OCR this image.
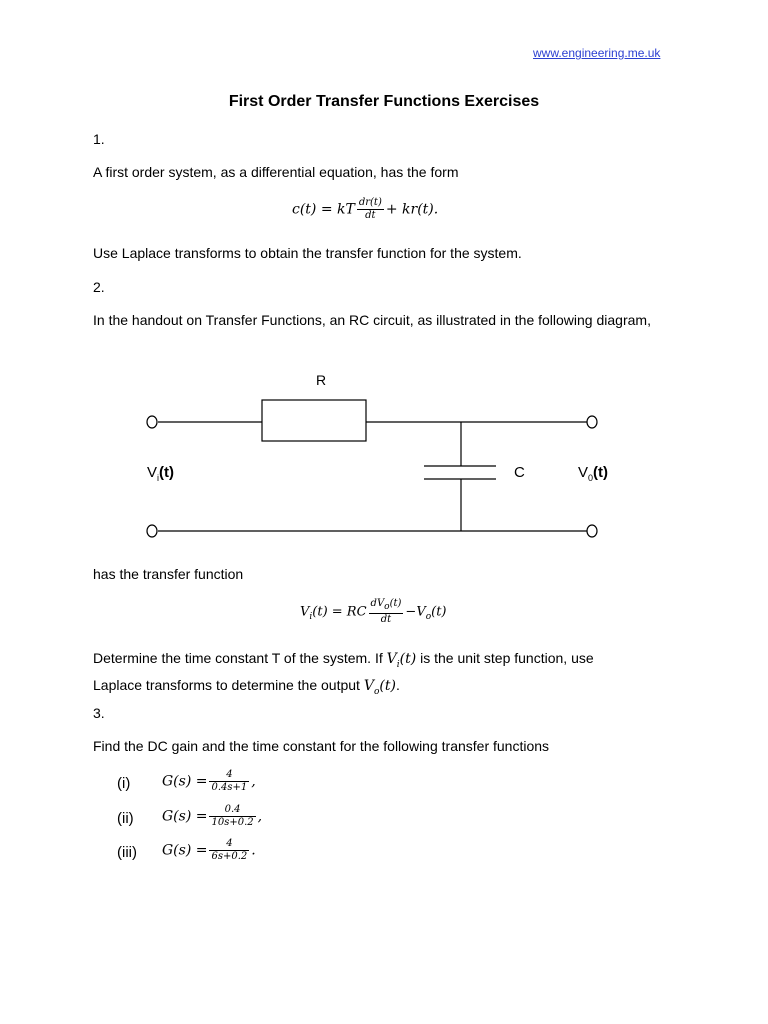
www.engineering.me.uk
First Order Transfer Functions Exercises
1.
A first order system, as a differential equation, has the form
c(t) = kT $\frac{dr(t)}{dt} + kr(t)$.
Use Laplace transforms to obtain the transfer function for the system.
2.
In the handout on Transfer Functions, an RC circuit, as illustrated in the following diagram,
R
C
$V_i(t)$	$V_0(t)$
has the transfer function
$V_i(t)$ = RC $\frac{dV_o(t)}{dt} -V_o(t)$
Determine the time constant T of the system. If $V_i(t)$ is the unit step function, use
Laplace transforms to determine the output $V_o(t)$.
3.
Find the DC gain and the time constant for the following transfer functions
(i) $G(s) = \frac{4}{0.4s+1}$ ,
(ii) $G(s) = \frac{0.4}{10s+0.2}$ ,
(iii) $G(s) = \frac{4}{6s+0.2}$ .
